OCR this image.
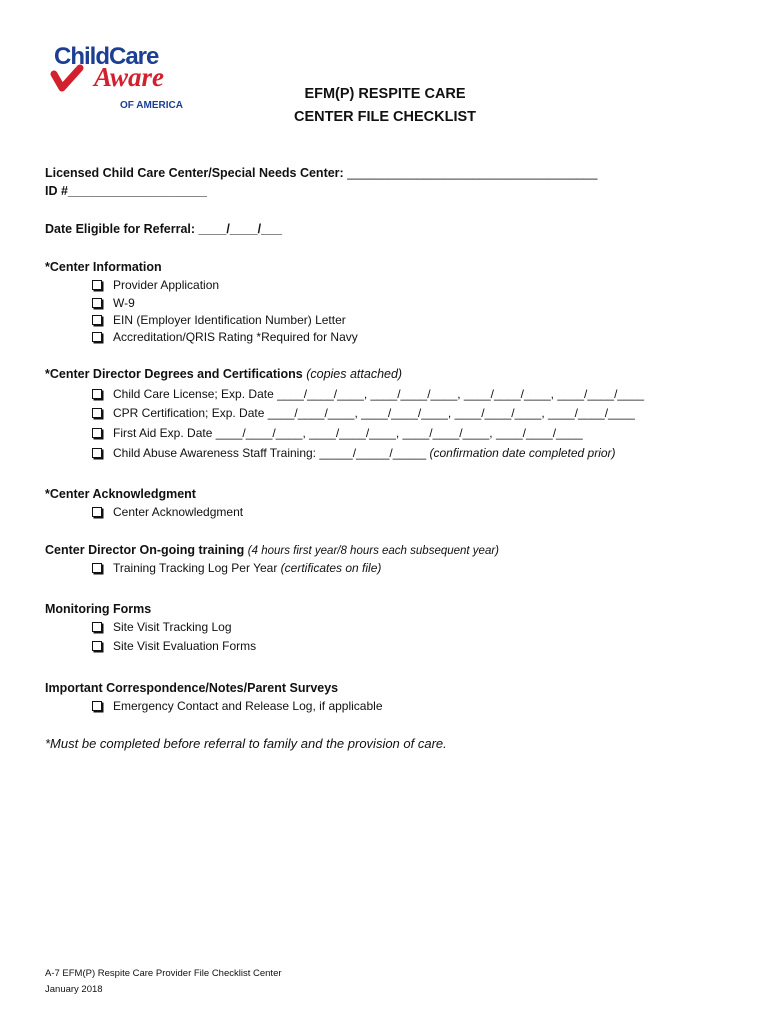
ChildCare
Aware
OF AMERICA
EFM(P) RESPITE CARE
CENTER FILE CHECKLIST
Licensed Child Care Center/Special Needs Center: ____________________________________
ID #____________________
Date Eligible for Referral: ____/____/___
*Center Information
Provider Application
W-9
EIN (Employer Identification Number) Letter
Accreditation/QRIS Rating *Required for Navy
*Center Director Degrees and Certifications (copies attached)
Child Care License; Exp. Date ____/____/____, ____/____/____, ____/____/____, ____/____/____
CPR Certification; Exp. Date ____/____/____, ____/____/____, ____/____/____, ____/____/____
First Aid Exp. Date ____/____/____, ____/____/____, ____/____/____, ____/____/____
Child Abuse Awareness Staff Training: _____/_____/_____
(confirmation date completed prior)
*Center Acknowledgment
Center Acknowledgment
Center Director On-going training (4 hours first year/8 hours each subsequent year)
Training Tracking Log Per Year
(certificates on file)
Monitoring Forms
Site Visit Tracking Log
Site Visit Evaluation Forms
Important Correspondence/Notes/Parent Surveys
Emergency Contact and Release Log, if applicable
*Must be completed before referral to family and the provision of care.
A-7 EFM(P) Respite Care Provider File Checklist Center
January 2018
